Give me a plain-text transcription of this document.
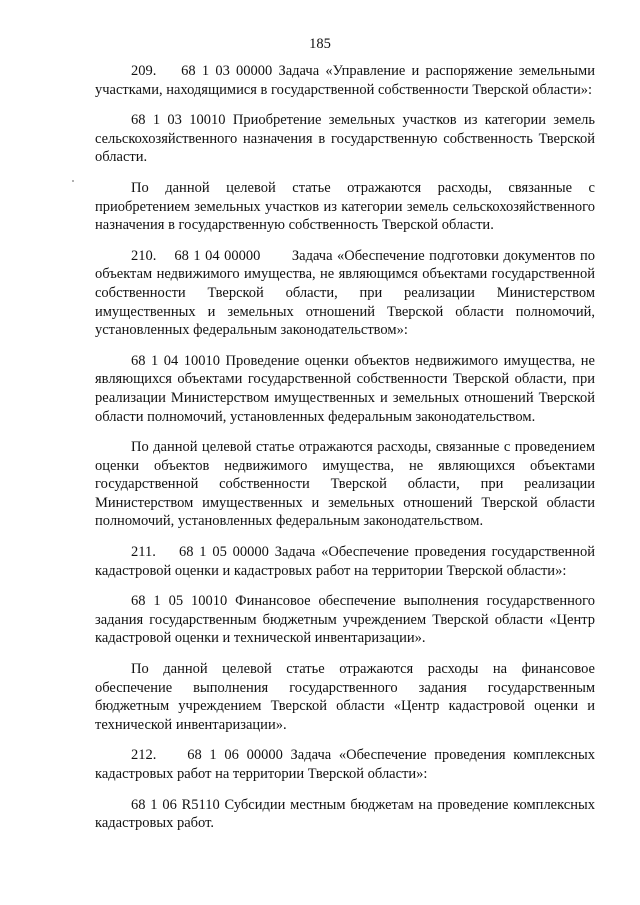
185

209.    68 1 03 00000 Задача «Управление и распоряжение земельными участками, находящимися в государственной собственности Тверской области»:

68 1 03 10010 Приобретение земельных участков из категории земель сельскохозяйственного назначения в государственную собственность Тверской области.

По данной целевой статье отражаются расходы, связанные с приобретением земельных участков из категории земель сельскохозяйственного назначения в государственную собственность Тверской области.

210.    68 1 04 00000       Задача «Обеспечение подготовки документов по объектам недвижимого имущества, не являющимся объектами государственной собственности Тверской области, при реализации Министерством имущественных и земельных отношений Тверской области полномочий, установленных федеральным законодательством»:

68 1 04 10010 Проведение оценки объектов недвижимого имущества, не являющихся объектами государственной собственности Тверской области, при реализации Министерством имущественных и земельных отношений Тверской области полномочий, установленных федеральным законодательством.

По данной целевой статье отражаются расходы, связанные с проведением оценки объектов недвижимого имущества, не являющихся объектами государственной собственности Тверской области, при реализации Министерством имущественных и земельных отношений Тверской области полномочий, установленных федеральным законодательством.

211.    68 1 05 00000 Задача «Обеспечение проведения государственной кадастровой оценки и кадастровых работ на территории Тверской области»:

68 1 05 10010 Финансовое обеспечение выполнения государственного задания государственным бюджетным учреждением Тверской области «Центр кадастровой оценки и технической инвентаризации».

По данной целевой статье отражаются расходы на финансовое обеспечение выполнения государственного задания государственным бюджетным учреждением Тверской области «Центр кадастровой оценки и технической инвентаризации».

212.    68 1 06 00000 Задача «Обеспечение проведения комплексных кадастровых работ на территории Тверской области»:

68 1 06 R5110 Субсидии местным бюджетам на проведение комплексных кадастровых работ.
